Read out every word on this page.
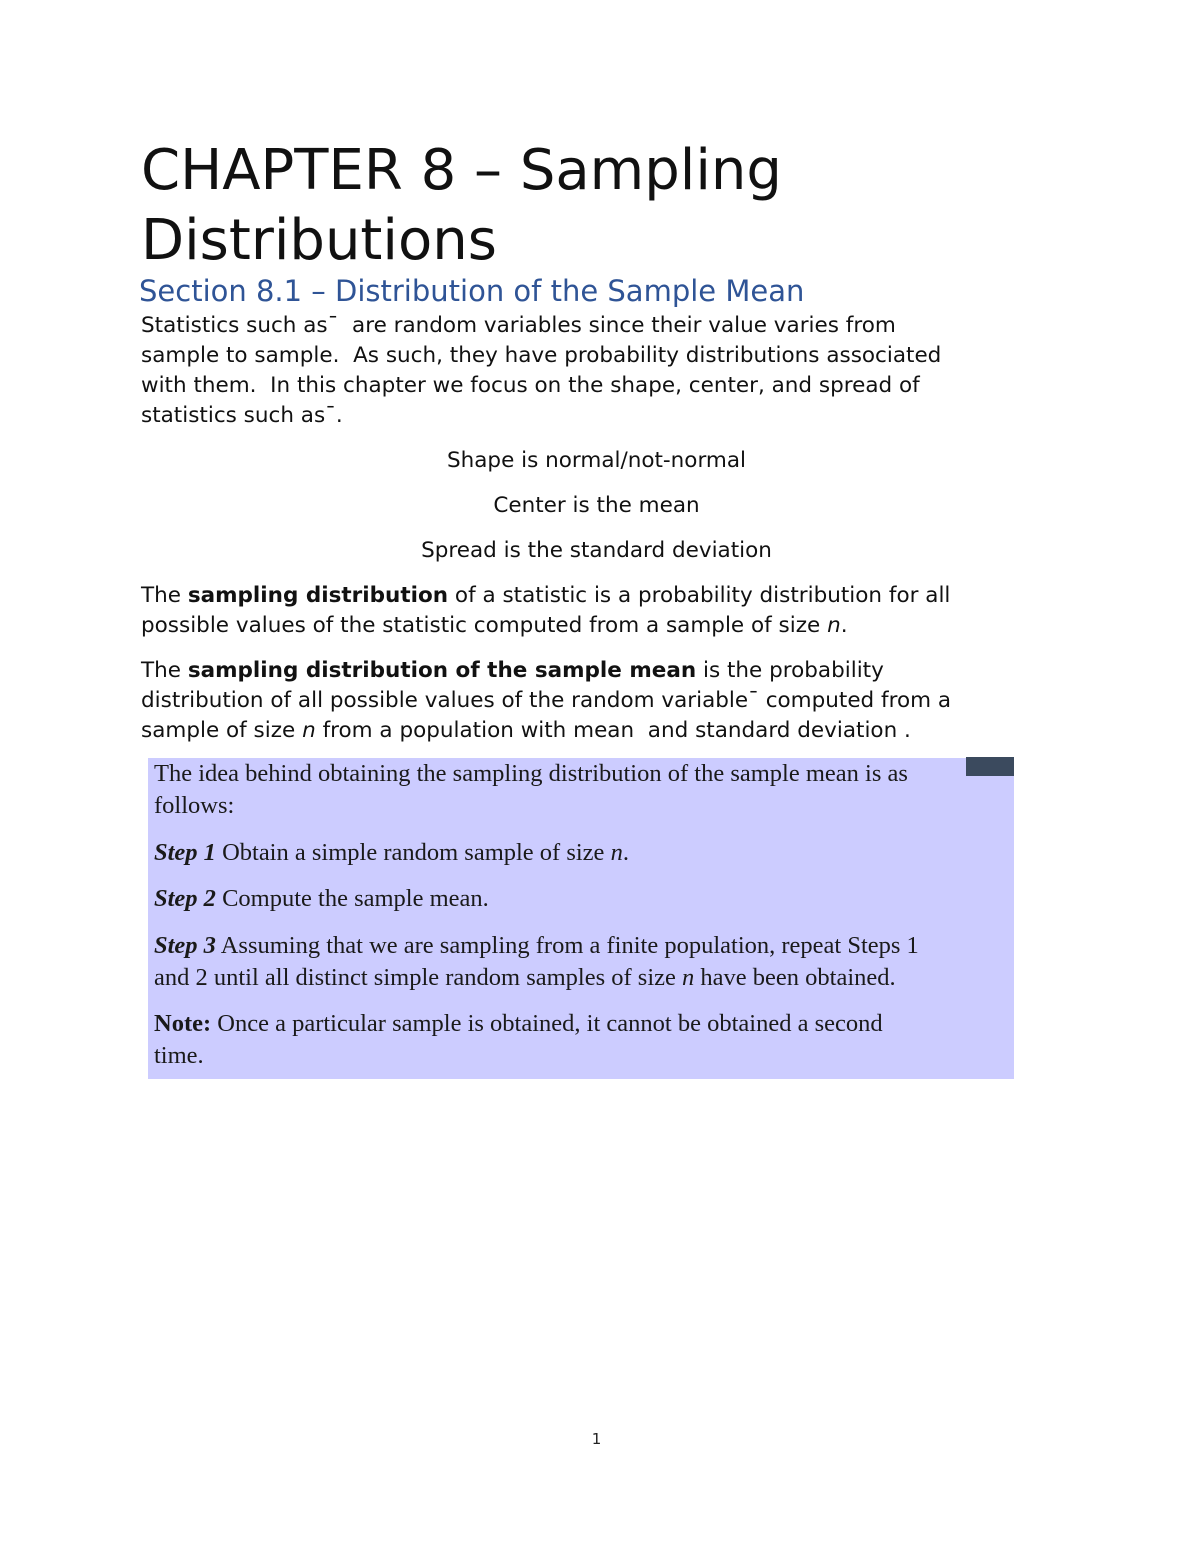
CHAPTER 8 – Sampling
Distributions
Section 8.1 – Distribution of the Sample Mean
Statistics such as¯  are random variables since their value varies from
sample to sample.  As such, they have probability distributions associated
with them.  In this chapter we focus on the shape, center, and spread of
statistics such as¯.
Shape is normal/not-normal
Center is the mean
Spread is the standard deviation
The sampling distribution of a statistic is a probability distribution for all
possible values of the statistic computed from a sample of size n.
The sampling distribution of the sample mean is the probability
distribution of all possible values of the random variable¯ computed from a
sample of size n from a population with mean  and standard deviation .
The idea behind obtaining the sampling distribution of the sample mean is as
follows:
Step 1 Obtain a simple random sample of size n.
Step 2 Compute the sample mean.
Step 3 Assuming that we are sampling from a finite population, repeat Steps 1
and 2 until all distinct simple random samples of size n have been obtained.
Note: Once a particular sample is obtained, it cannot be obtained a second
time.
1
